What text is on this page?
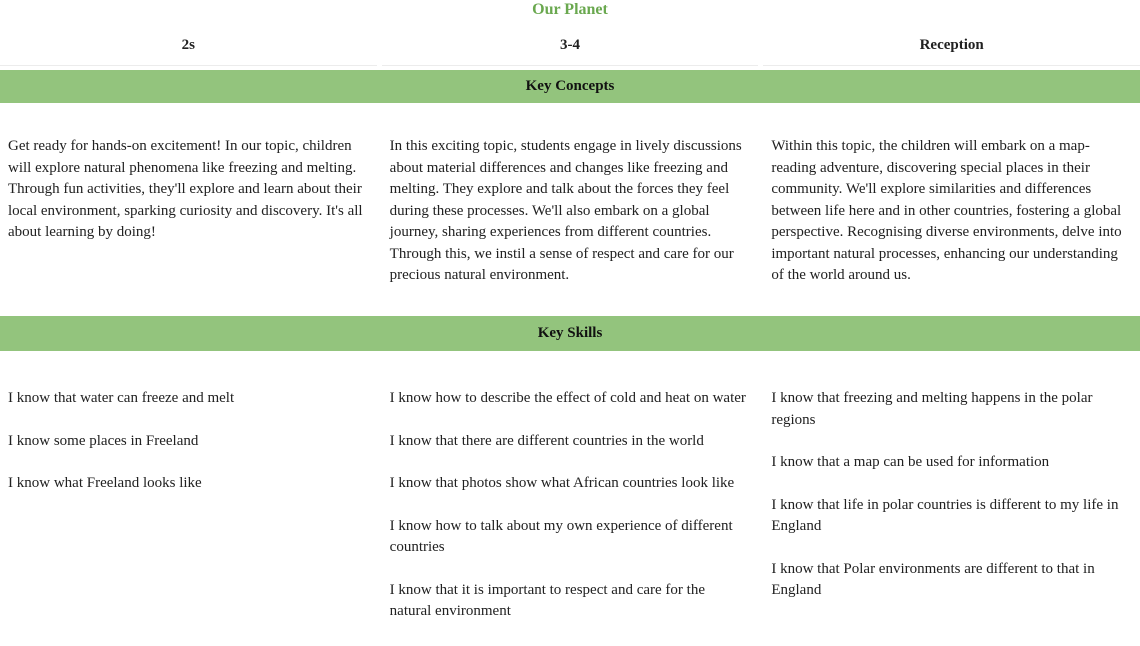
Our Planet
2s	3-4	Reception
Key Concepts
Get ready for hands-on excitement! In our topic, children will explore natural phenomena like freezing and melting. Through fun activities, they'll explore and learn about their local environment, sparking curiosity and discovery. It's all about learning by doing!
In this exciting topic, students engage in lively discussions about material differences and changes like freezing and melting. They explore and talk about the forces they feel during these processes. We'll also embark on a global journey, sharing experiences from different countries. Through this, we instil a sense of respect and care for our precious natural environment.
Within this topic, the children will embark on a map-reading adventure, discovering special places in their community. We'll explore similarities and differences between life here and in other countries, fostering a global perspective. Recognising diverse environments, delve into important natural processes, enhancing our understanding of the world around us.
Key Skills

I know that water can freeze and melt

I know some places in Freeland

I know what Freeland looks like

I know how to describe the effect of cold and heat on water

I know that there are different countries in the world

I know that photos show what African countries look like

I know how to talk about my own experience of different countries

I know that it is important to respect and care for the natural environment

I know that freezing and melting happens in the polar regions

I know that a map can be used for information

I know that life in polar countries is different to my life in England

I know that Polar environments are different to that in England
